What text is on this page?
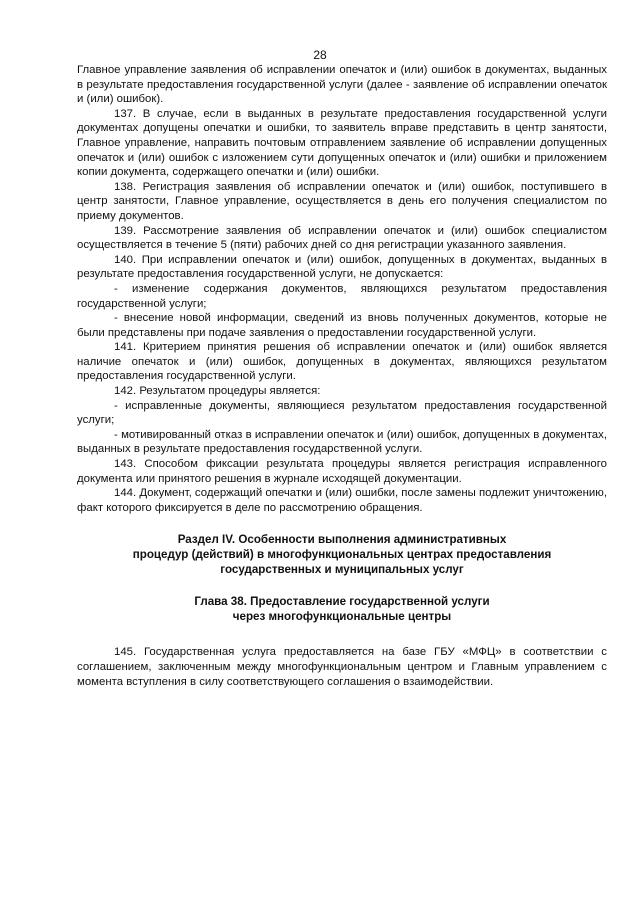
28

Главное управление заявления об исправлении опечаток и (или) ошибок в документах, выданных в результате предоставления государственной услуги (далее - заявление об исправлении опечаток и (или) ошибок).

137. В случае, если в выданных в результате предоставления государственной услуги документах допущены опечатки и ошибки, то заявитель вправе представить в центр занятости, Главное управление, направить почтовым отправлением заявление об исправлении допущенных опечаток и (или) ошибок с изложением сути допущенных опечаток и (или) ошибки и приложением копии документа, содержащего опечатки и (или) ошибки.

138. Регистрация заявления об исправлении опечаток и (или) ошибок, поступившего в центр занятости, Главное управление, осуществляется в день его получения специалистом по приему документов.

139. Рассмотрение заявления об исправлении опечаток и (или) ошибок специалистом осуществляется в течение 5 (пяти) рабочих дней со дня регистрации указанного заявления.

140. При исправлении опечаток и (или) ошибок, допущенных в документах, выданных в результате предоставления государственной услуги, не допускается:

- изменение содержания документов, являющихся результатом предоставления государственной услуги;

- внесение новой информации, сведений из вновь полученных документов, которые не были представлены при подаче заявления о предоставлении государственной услуги.

141. Критерием принятия решения об исправлении опечаток и (или) ошибок является наличие опечаток и (или) ошибок, допущенных в документах, являющихся результатом предоставления государственной услуги.

142. Результатом процедуры является:

- исправленные документы, являющиеся результатом предоставления государственной услуги;

- мотивированный отказ в исправлении опечаток и (или) ошибок, допущенных в документах, выданных в результате предоставления государственной услуги.

143. Способом фиксации результата процедуры является регистрация исправленного документа или принятого решения в журнале исходящей документации.

144. Документ, содержащий опечатки и (или) ошибки, после замены подлежит уничтожению, факт которого фиксируется в деле по рассмотрению обращения.

Раздел IV. Особенности выполнения административных
процедур (действий) в многофункциональных центрах предоставления
государственных и муниципальных услуг
Глава 38. Предоставление государственной услуги
через многофункциональные центры

145. Государственная услуга предоставляется на базе ГБУ «МФЦ» в соответствии с соглашением, заключенным между многофункциональным центром и Главным управлением с момента вступления в силу соответствующего соглашения о взаимодействии.
